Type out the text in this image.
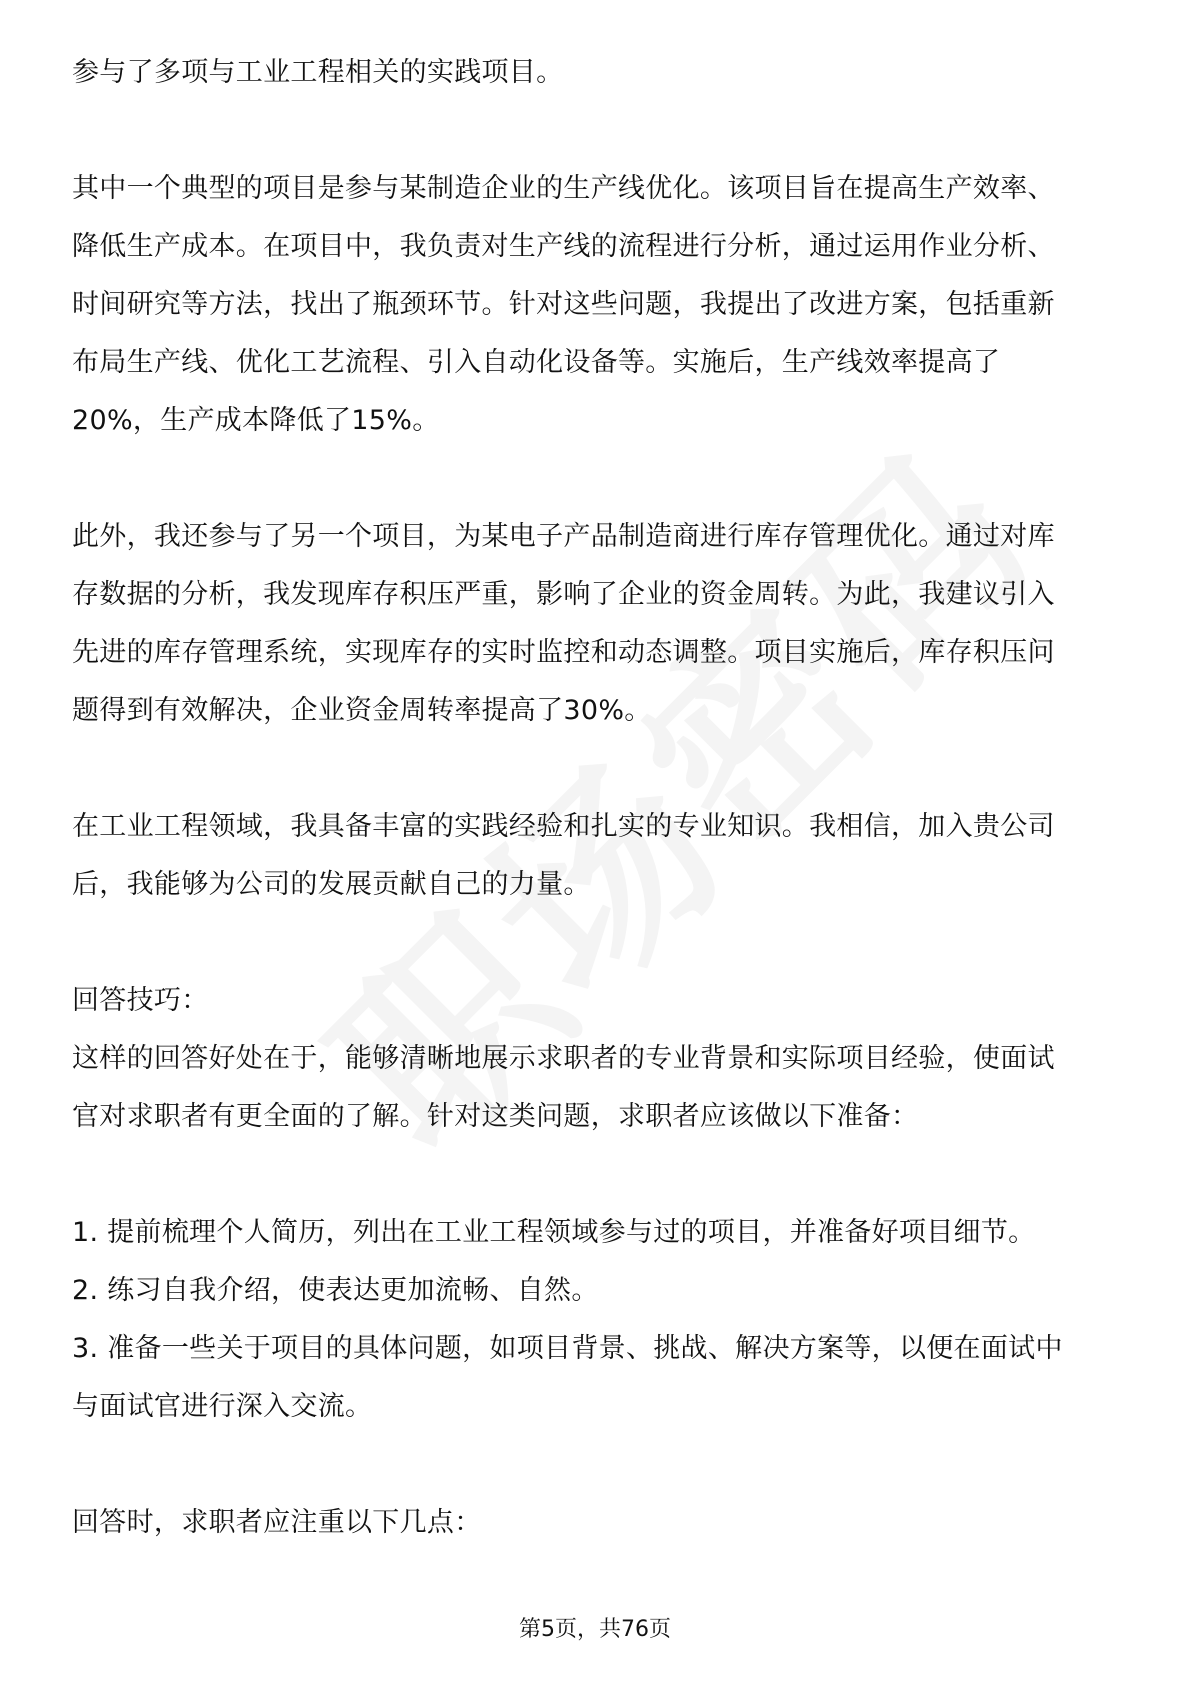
参与了多项与工业工程相关的实践项目。
其中一个典型的项目是参与某制造企业的生产线优化。该项目旨在提高生产效率、
降低生产成本。在项目中，我负责对生产线的流程进行分析，通过运用作业分析、
时间研究等方法，找出了瓶颈环节。针对这些问题，我提出了改进方案，包括重新
布局生产线、优化工艺流程、引入自动化设备等。实施后，生产线效率提高了
20%，生产成本降低了15%。
此外，我还参与了另一个项目，为某电子产品制造商进行库存管理优化。通过对库
存数据的分析，我发现库存积压严重，影响了企业的资金周转。为此，我建议引入
先进的库存管理系统，实现库存的实时监控和动态调整。项目实施后，库存积压问
题得到有效解决，企业资金周转率提高了30%。
在工业工程领域，我具备丰富的实践经验和扎实的专业知识。我相信，加入贵公司
后，我能够为公司的发展贡献自己的力量。
回答技巧：
这样的回答好处在于，能够清晰地展示求职者的专业背景和实际项目经验，使面试
官对求职者有更全面的了解。针对这类问题，求职者应该做以下准备：
1. 提前梳理个人简历，列出在工业工程领域参与过的项目，并准备好项目细节。
2. 练习自我介绍，使表达更加流畅、自然。
3. 准备一些关于项目的具体问题，如项目背景、挑战、解决方案等，以便在面试中
与面试官进行深入交流。
回答时，求职者应注重以下几点：
第5页，共76页
